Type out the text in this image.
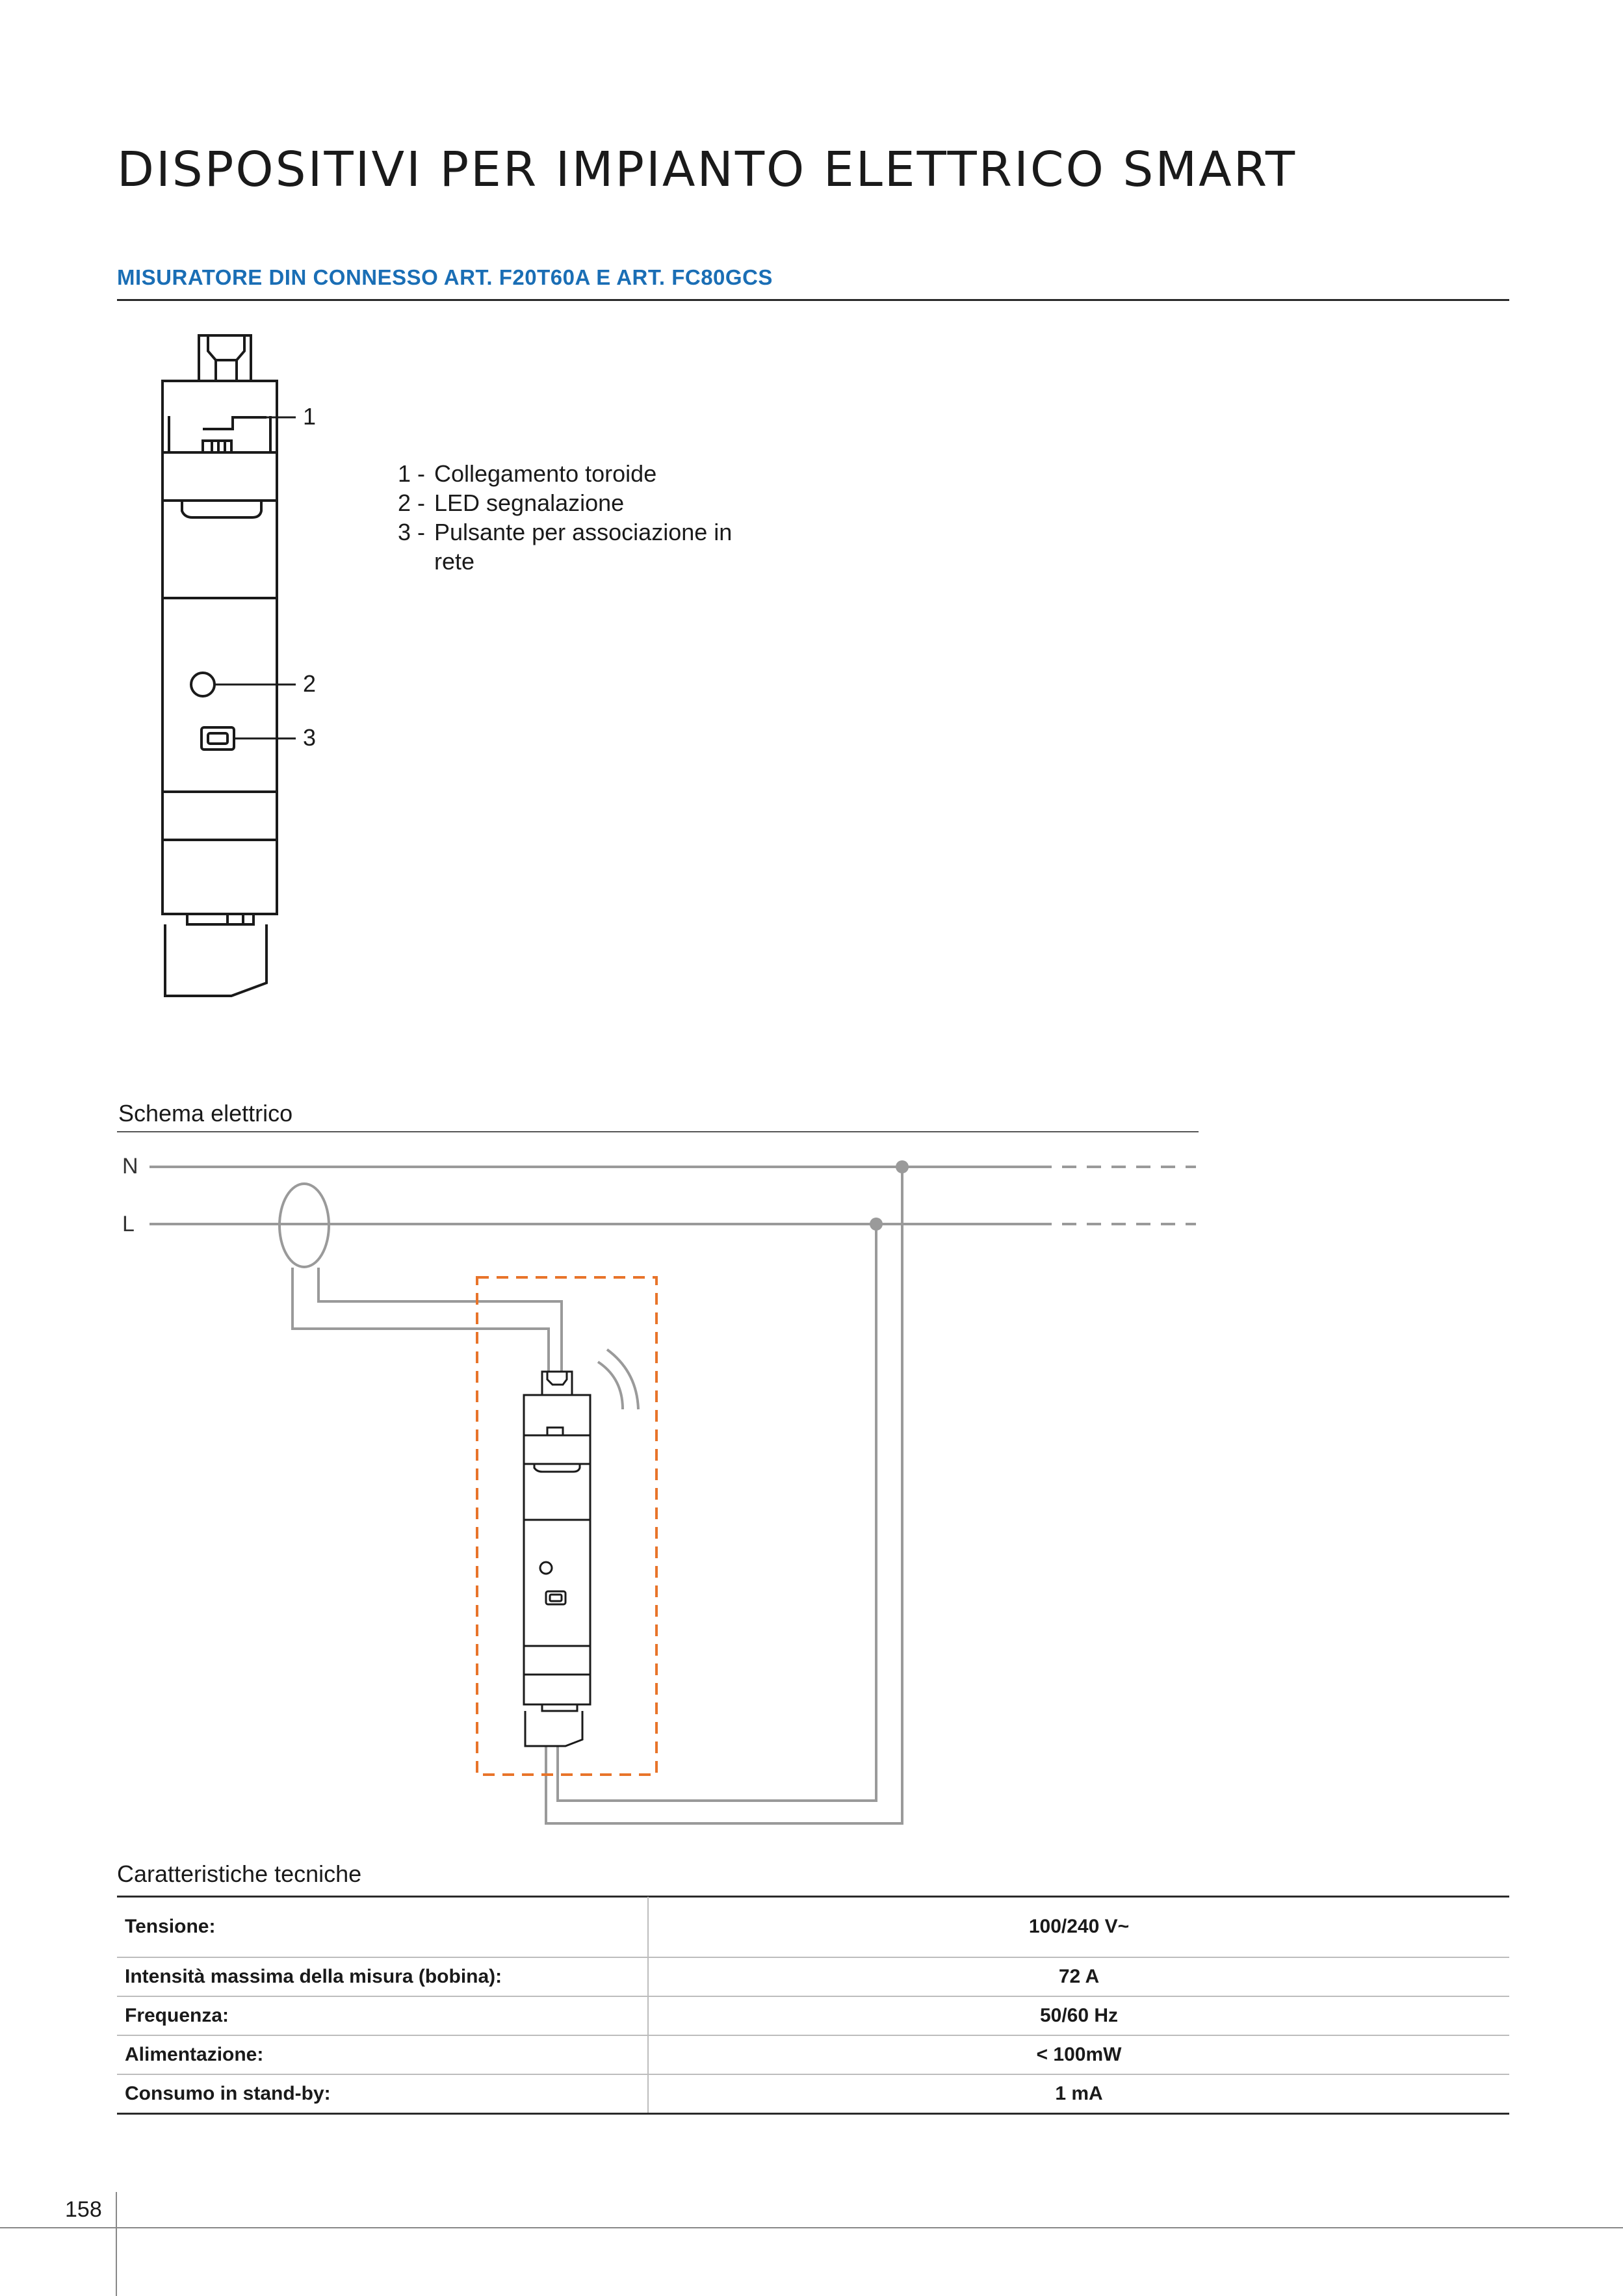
DISPOSITIVI PER IMPIANTO ELETTRICO SMART
MISURATORE DIN CONNESSO ART. F20T60A E ART. FC80GCS
1
2
3
1 - Collegamento toroide
2 - LED segnalazione
3 - Pulsante per associazione in rete
Schema elettrico
N
L
Caratteristiche tecniche
Tensione:	100/240 V~
Intensità massima della misura (bobina):	72 A
Frequenza:	50/60 Hz
Alimentazione:	< 100mW
Consumo in stand-by:	1 mA
158
